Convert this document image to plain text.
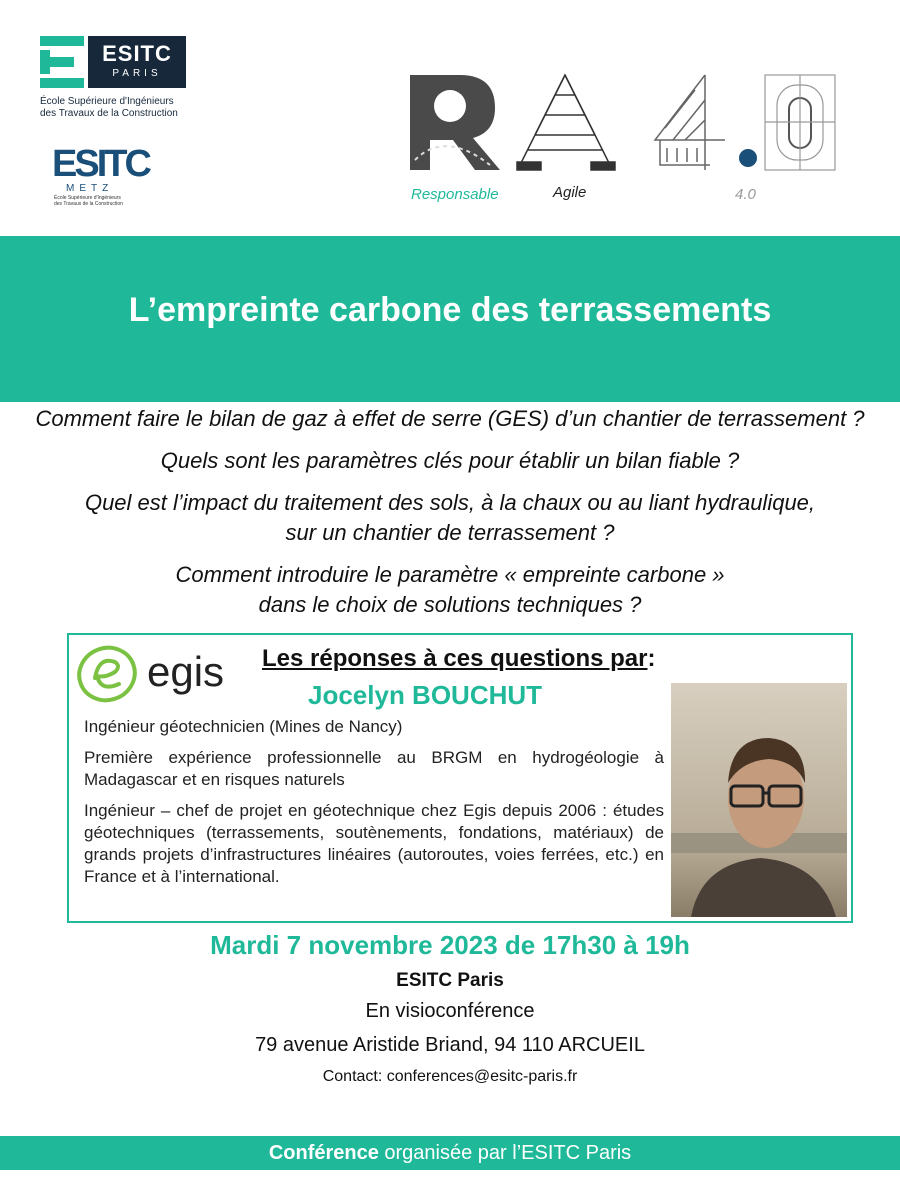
ESITC
PARIS
École Supérieure d'Ingénieurs
des Travaux de la Construction
ESITC
METZ
École Supérieure d'Ingénieurs
des Travaux de la Construction
Responsable	Agile	4.0
L’empreinte carbone des terrassements

Comment faire le bilan de gaz à effet de serre (GES) d’un chantier de terrassement ?

Quels sont les paramètres clés pour établir un bilan fiable ?

Quel est l’impact du traitement des sols, à la chaux ou au liant hydraulique,
sur un chantier de terrassement ?

Comment introduire le paramètre « empreinte carbone »
dans le choix de solutions techniques ?

egis Les réponses à ces questions par:
Jocelyn BOUCHUT

Ingénieur géotechnicien (Mines de Nancy)

Première expérience professionnelle au BRGM en hydrogéologie à Madagascar et en risques naturels

Ingénieur – chef de projet en géotechnique chez Egis depuis 2006 : études géotechniques (terrassements, soutènements, fondations, matériaux) de grands projets d’infrastructures linéaires (autoroutes, voies ferrées, etc.) en France et à l’international.

Mardi 7 novembre 2023 de 17h30 à 19h
ESITC Paris
En visioconférence
79 avenue Aristide Briand, 94 110 ARCUEIL
Contact: conferences@esitc-paris.fr
Conférence organisée par l’ESITC Paris
